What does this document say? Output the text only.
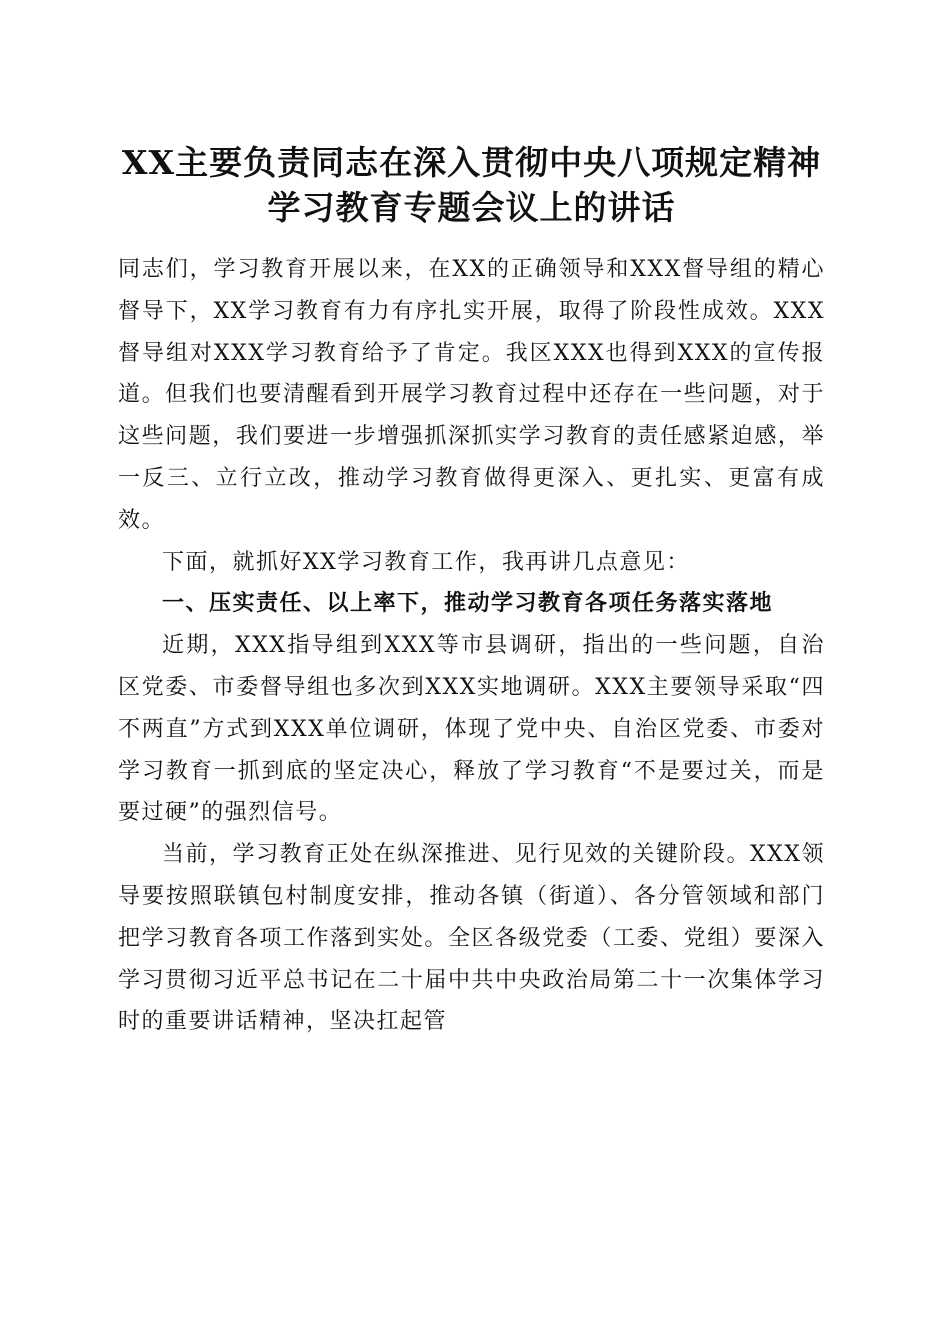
XX主要负责同志在深入贯彻中央八项规定精神学习教育专题会议上的讲话

同志们，学习教育开展以来，在XX的正确领导和XXX督导组的精心督导下，XX学习教育有力有序扎实开展，取得了阶段性成效。XXX督导组对XXX学习教育给予了肯定。我区XXX也得到XXX的宣传报道。但我们也要清醒看到开展学习教育过程中还存在一些问题，对于这些问题，我们要进一步增强抓深抓实学习教育的责任感紧迫感，举一反三、立行立改，推动学习教育做得更深入、更扎实、更富有成效。

下面，就抓好XX学习教育工作，我再讲几点意见：

一、压实责任、以上率下，推动学习教育各项任务落实落地

近期，XXX指导组到XXX等市县调研，指出的一些问题，自治区党委、市委督导组也多次到XXX实地调研。XXX主要领导采取“四不两直”方式到XXX单位调研，体现了党中央、自治区党委、市委对学习教育一抓到底的坚定决心，释放了学习教育“不是要过关，而是要过硬”的强烈信号。

当前，学习教育正处在纵深推进、见行见效的关键阶段。XXX领导要按照联镇包村制度安排，推动各镇（街道）、各分管领域和部门把学习教育各项工作落到实处。全区各级党委（工委、党组）要深入学习贯彻习近平总书记在二十届中共中央政治局第二十一次集体学习时的重要讲话精神，坚决扛起管
